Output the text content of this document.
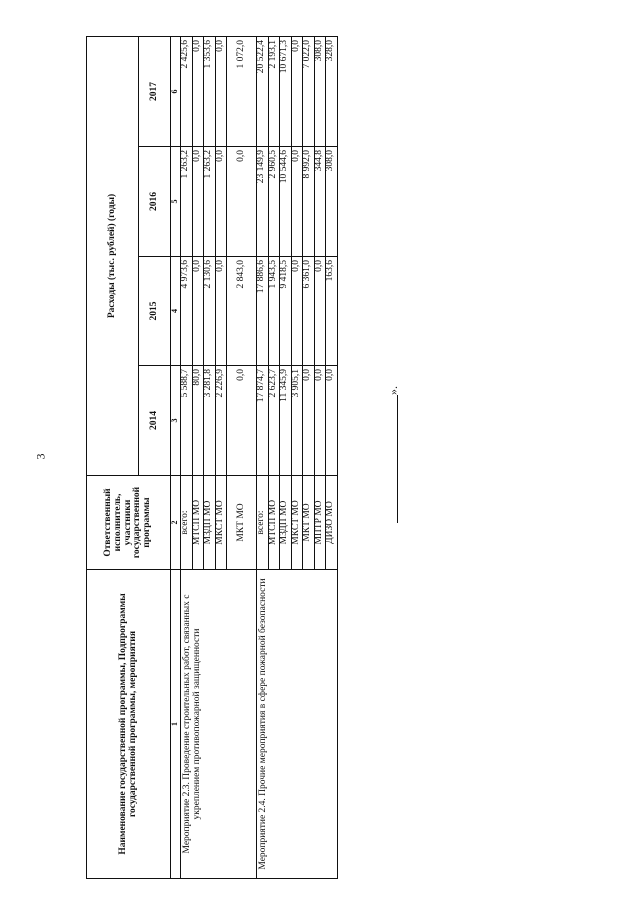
3
Наименование государственной программы, Подпрограммы государственной программы, мероприятия	Ответственный исполнитель, участники государственной программы	Расходы (тыс. рублей) (годы)			
		2014	2015	2016	2017
1	2	3	4	5	6
Мероприятие 2.3. Проведение строительных работ, связанных с укреплением противопожарной защищенности	всего:	5 588,7	4 973,6	1 263,2	2 425,6
	МТСП МО	80,0	0,0	0,0	0,0
	МЗДП МО	3 281,8	2 130,6	1 263,2	1 353,6
	МКСТ МО	2 226,9	0,0	0,0	0,0
	МКТ МО	0,0	2 843,0	0,0	1 072,0
Мероприятие 2.4. Прочие мероприятия в сфере пожарной безопасности	всего:	17 874,7	17 886,6	23 149,9	20 522,4
	МТСП МО	2 623,7	1 943,5	2 960,5	2 193,1
	МЗДП МО	11 345,9	9 418,5	10 544,6	10 671,3
	МКСТ МО	3 905,1	0,0	0,0	0,0
	МКТ МО	0,0	6 361,0	8 992,0	7 022,0
	МПТР МО	0,0	0,0	344,8	308,0
	ДИЗО МО	0,0	163,6	308,0	328,0
».
